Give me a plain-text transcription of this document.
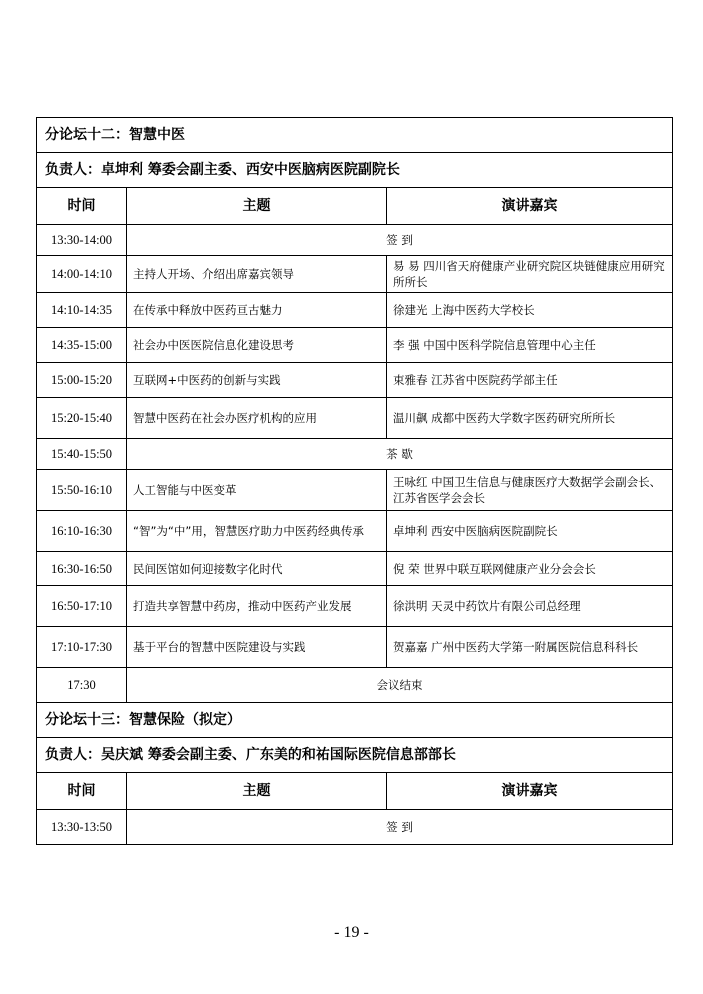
分论坛十二：智慧中医		
负责人：卓坤利 筹委会副主委、西安中医脑病医院副院长		
时间	主题	演讲嘉宾
13:30-14:00	签 到	
14:00-14:10	主持人开场、介绍出席嘉宾领导	易 易 四川省天府健康产业研究院区块链健康应用研究所所长
14:10-14:35	在传承中释放中医药亘古魅力	徐建光 上海中医药大学校长
14:35-15:00	社会办中医医院信息化建设思考	李 强 中国中医科学院信息管理中心主任
15:00-15:20	互联网+中医药的创新与实践	束雅春 江苏省中医院药学部主任
15:20-15:40	智慧中医药在社会办医疗机构的应用	温川飙 成都中医药大学数字医药研究所所长
15:40-15:50	茶 歇	
15:50-16:10	人工智能与中医变革	王咏红 中国卫生信息与健康医疗大数据学会副会长、江苏省医学会会长
16:10-16:30	“智”为“中”用，智慧医疗助力中医药经典传承	卓坤利 西安中医脑病医院副院长
16:30-16:50	民间医馆如何迎接数字化时代	倪 荣 世界中联互联网健康产业分会会长
16:50-17:10	打造共享智慧中药房，推动中医药产业发展	徐洪明 天灵中药饮片有限公司总经理
17:10-17:30	基于平台的智慧中医院建设与实践	贺嘉嘉 广州中医药大学第一附属医院信息科科长
17:30	会议结束	
分论坛十三：智慧保险（拟定）		
负责人：吴庆斌 筹委会副主委、广东美的和祐国际医院信息部部长		
时间	主题	演讲嘉宾
13:30-13:50	签 到	
- 19 -
